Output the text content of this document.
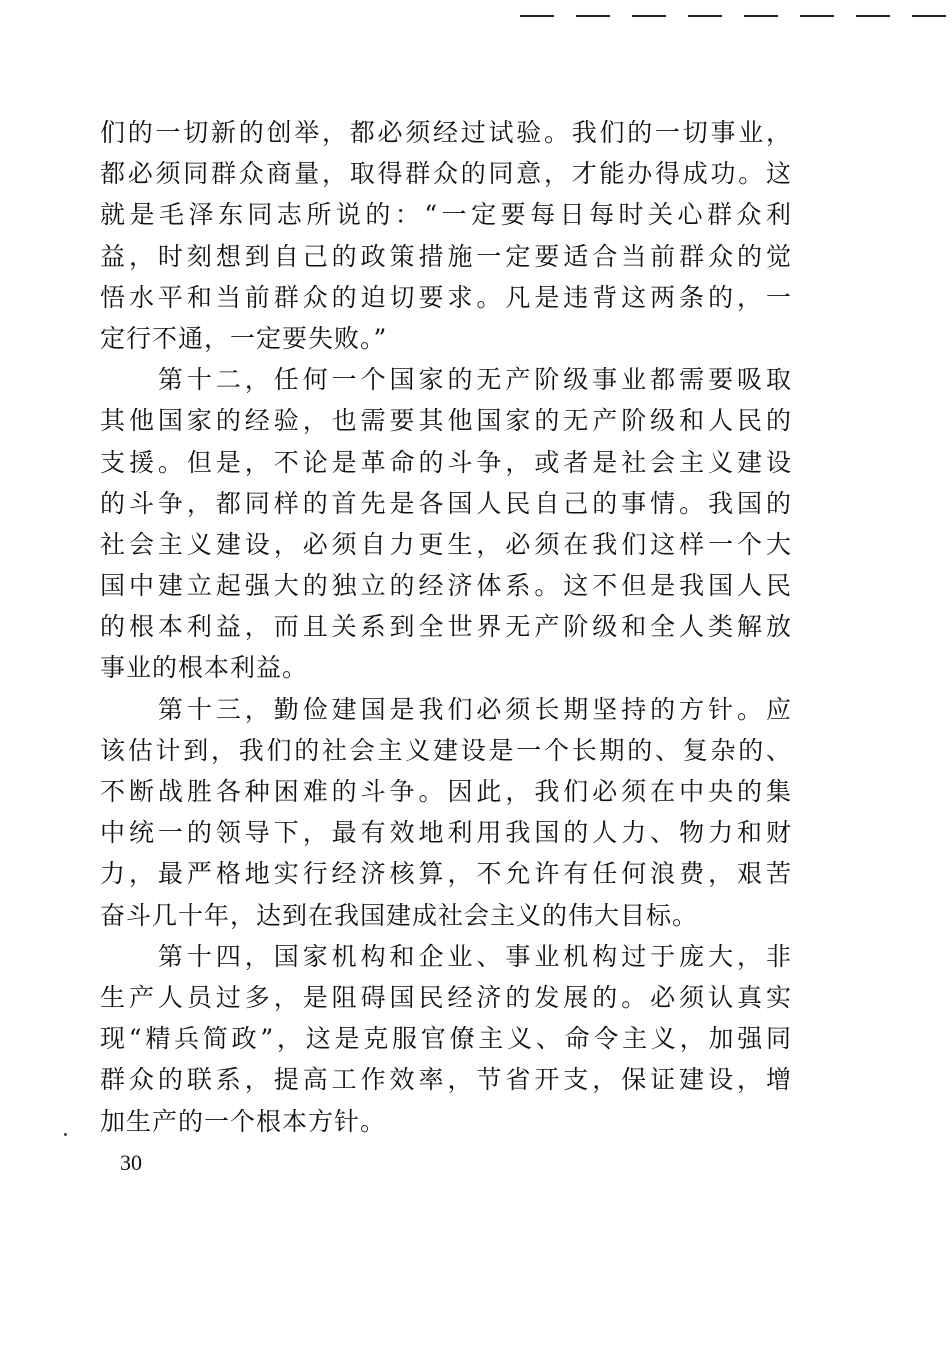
们的一切新的创举，都必须经过试验。我们的一切事业，
都必须同群众商量，取得群众的同意，才能办得成功。这
就是毛泽东同志所说的：“一定要每日每时关心群众利
益，时刻想到自己的政策措施一定要适合当前群众的觉
悟水平和当前群众的迫切要求。凡是违背这两条的，一
定行不通，一定要失败。”
　　第十二，任何一个国家的无产阶级事业都需要吸取
其他国家的经验，也需要其他国家的无产阶级和人民的
支援。但是，不论是革命的斗争，或者是社会主义建设
的斗争，都同样的首先是各国人民自己的事情。我国的
社会主义建设，必须自力更生，必须在我们这样一个大
国中建立起强大的独立的经济体系。这不但是我国人民
的根本利益，而且关系到全世界无产阶级和全人类解放
事业的根本利益。
　　第十三，勤俭建国是我们必须长期坚持的方针。应
该估计到，我们的社会主义建设是一个长期的、复杂的、
不断战胜各种困难的斗争。因此，我们必须在中央的集
中统一的领导下，最有效地利用我国的人力、物力和财
力，最严格地实行经济核算，不允许有任何浪费，艰苦
奋斗几十年，达到在我国建成社会主义的伟大目标。
　　第十四，国家机构和企业、事业机构过于庞大，非
生产人员过多，是阻碍国民经济的发展的。必须认真实
现“精兵简政”，这是克服官僚主义、命令主义，加强同
群众的联系，提高工作效率，节省开支，保证建设，增
加生产的一个根本方针。
30
